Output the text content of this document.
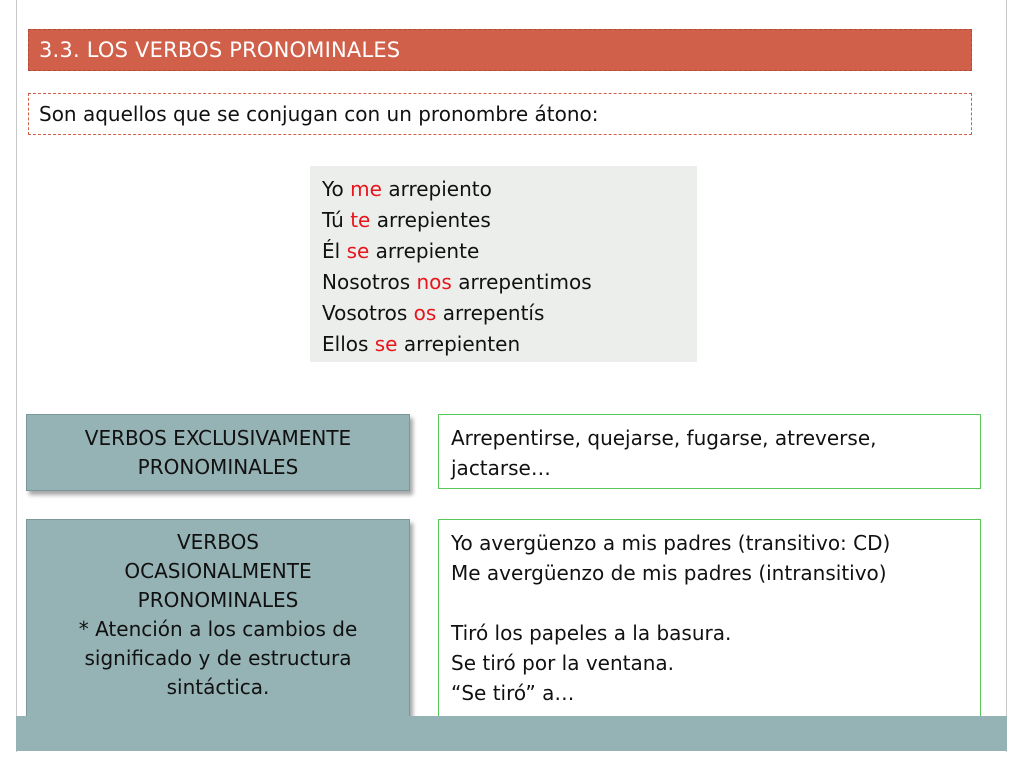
3.3. LOS VERBOS PRONOMINALES
Son aquellos que se conjugan con un pronombre átono:
Yo me arrepiento
Tú te arrepientes
Él se arrepiente
Nosotros nos arrepentimos
Vosotros os arrepentís
Ellos se arrepienten
VERBOS EXCLUSIVAMENTE
PRONOMINALES
Arrepentirse, quejarse, fugarse, atreverse, jactarse…
VERBOS
OCASIONALMENTE
PRONOMINALES
* Atención a los cambios de
significado y de estructura
sintáctica.
Yo avergüenzo a mis padres (transitivo: CD)
Me avergüenzo de mis padres (intransitivo)
Tiró los papeles a la basura.
Se tiró por la ventana.
“Se tiró” a…
